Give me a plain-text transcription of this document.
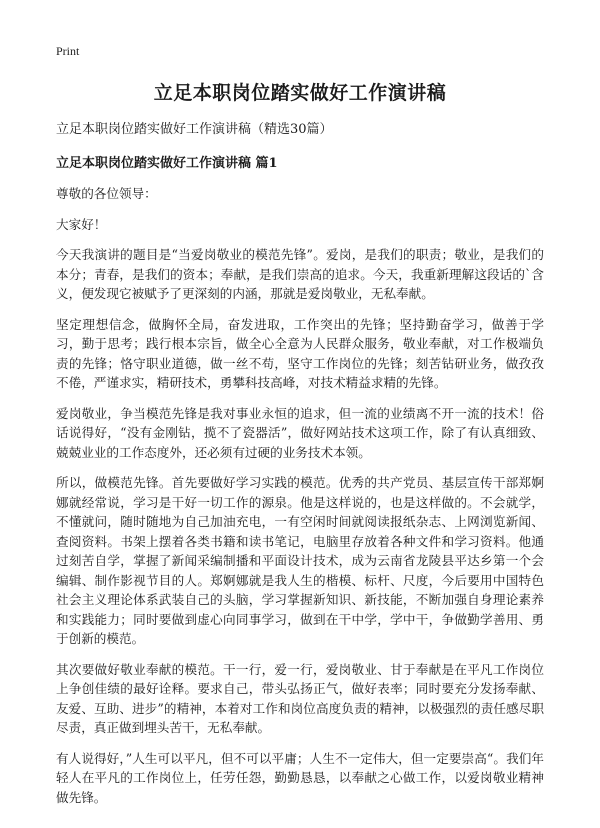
Print
立足本职岗位踏实做好工作演讲稿

立足本职岗位踏实做好工作演讲稿（精选30篇）

立足本职岗位踏实做好工作演讲稿 篇1

尊敬的各位领导：

大家好！

今天我演讲的题目是“当爱岗敬业的模范先锋”。爱岗，是我们的职责；敬业，是我们的本分；青春，是我们的资本；奉献，是我们崇高的追求。今天，我重新理解这段话的`含义，便发现它被赋予了更深刻的内涵，那就是爱岗敬业，无私奉献。

坚定理想信念，做胸怀全局，奋发进取，工作突出的先锋；坚持勤奋学习，做善于学习，勤于思考；践行根本宗旨，做全心全意为人民群众服务，敬业奉献，对工作极端负责的先锋；恪守职业道德，做一丝不苟，坚守工作岗位的先锋；刻苦钻研业务，做孜孜不倦，严谨求实，精研技术，勇攀科技高峰，对技术精益求精的先锋。

爱岗敬业，争当模范先锋是我对事业永恒的追求，但一流的业绩离不开一流的技术！俗话说得好，“没有金刚钻，揽不了瓷器活”，做好网站技术这项工作，除了有认真细致、兢兢业业的工作态度外，还必须有过硬的业务技术本领。

所以，做模范先锋。首先要做好学习实践的模范。优秀的共产党员、基层宣传干部郑婀娜就经常说，学习是干好一切工作的源泉。他是这样说的，也是这样做的。不会就学，不懂就问，随时随地为自己加油充电，一有空闲时间就阅读报纸杂志、上网浏览新闻、查阅资料。书架上摆着各类书籍和读书笔记，电脑里存放着各种文件和学习资料。他通过刻苦自学，掌握了新闻采编制播和平面设计技术，成为云南省龙陵县平达乡第一个会编辑、制作影视节目的人。郑婀娜就是我人生的楷模、标杆、尺度，今后要用中国特色社会主义理论体系武装自己的头脑，学习掌握新知识、新技能，不断加强自身理论素养和实践能力；同时要做到虚心向同事学习，做到在干中学，学中干，争做勤学善用、勇于创新的模范。

其次要做好敬业奉献的模范。干一行，爱一行，爱岗敬业、甘于奉献是在平凡工作岗位上争创佳绩的最好诠释。要求自己，带头弘扬正气，做好表率；同时要充分发扬奉献、友爱、互助、进步”的精神，本着对工作和岗位高度负责的精神，以极强烈的责任感尽职尽责，真正做到埋头苦干，无私奉献。

有人说得好，”人生可以平凡，但不可以平庸；人生不一定伟大，但一定要崇高“。我们年轻人在平凡的工作岗位上，任劳任怨，勤勤恳恳，以奉献之心做工作，以爱岗敬业精神做先锋。
